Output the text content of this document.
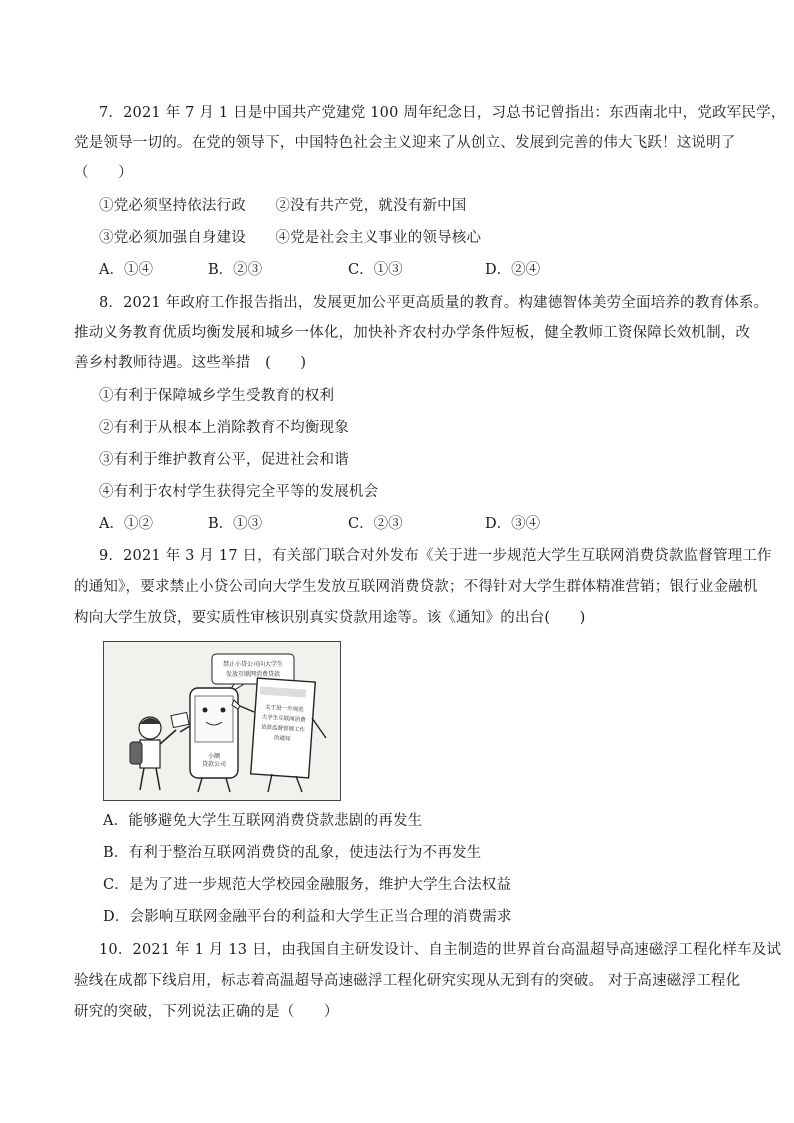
7．2021 年 7 月 1 日是中国共产党建党 100 周年纪念日，习总书记曾指出：东西南北中，党政军民学，
党是领导一切的。在党的领导下，中国特色社会主义迎来了从创立、发展到完善的伟大飞跃！这说明了
（　　）
①党必须坚持依法行政　　②没有共产党，就没有新中国
③党必须加强自身建设　　④党是社会主义事业的领导核心
A．①④	B．②③	C．①③	D．②④
8．2021 年政府工作报告指出，发展更加公平更高质量的教育。构建德智体美劳全面培养的教育体系。
推动义务教育优质均衡发展和城乡一体化，加快补齐农村办学条件短板，健全教师工资保障长效机制，改
善乡村教师待遇。这些举措　(　　)
①有利于保障城乡学生受教育的权利
②有利于从根本上消除教育不均衡现象
③有利于维护教育公平，促进社会和谐
④有利于农村学生获得完全平等的发展机会
A．①②	B．①③	C．②③	D．③④
9．2021 年 3 月 17 日，有关部门联合对外发布《关于进一步规范大学生互联网消费贷款监督管理工作
的通知》，要求禁止小贷公司向大学生发放互联网消费贷款；不得针对大学生群体精准营销；银行业金融机
构向大学生放贷，要实质性审核识别真实贷款用途等。该《通知》的出台(　　)
禁止小贷公司向大学生
发放互联网消费贷款
小额
贷款公司
关于进一步规范
大学生互联网消费
贷款监督管理工作
的通知
A．能够避免大学生互联网消费贷款悲剧的再发生
B．有利于整治互联网消费贷的乱象，使违法行为不再发生
C．是为了进一步规范大学校园金融服务，维护大学生合法权益
D．会影响互联网金融平台的利益和大学生正当合理的消费需求
10．2021 年 1 月 13 日，由我国自主研发设计、自主制造的世界首台高温超导高速磁浮工程化样车及试
验线在成都下线启用，标志着高温超导高速磁浮工程化研究实现从无到有的突破。 对于高速磁浮工程化
研究的突破，下列说法正确的是（　　）
